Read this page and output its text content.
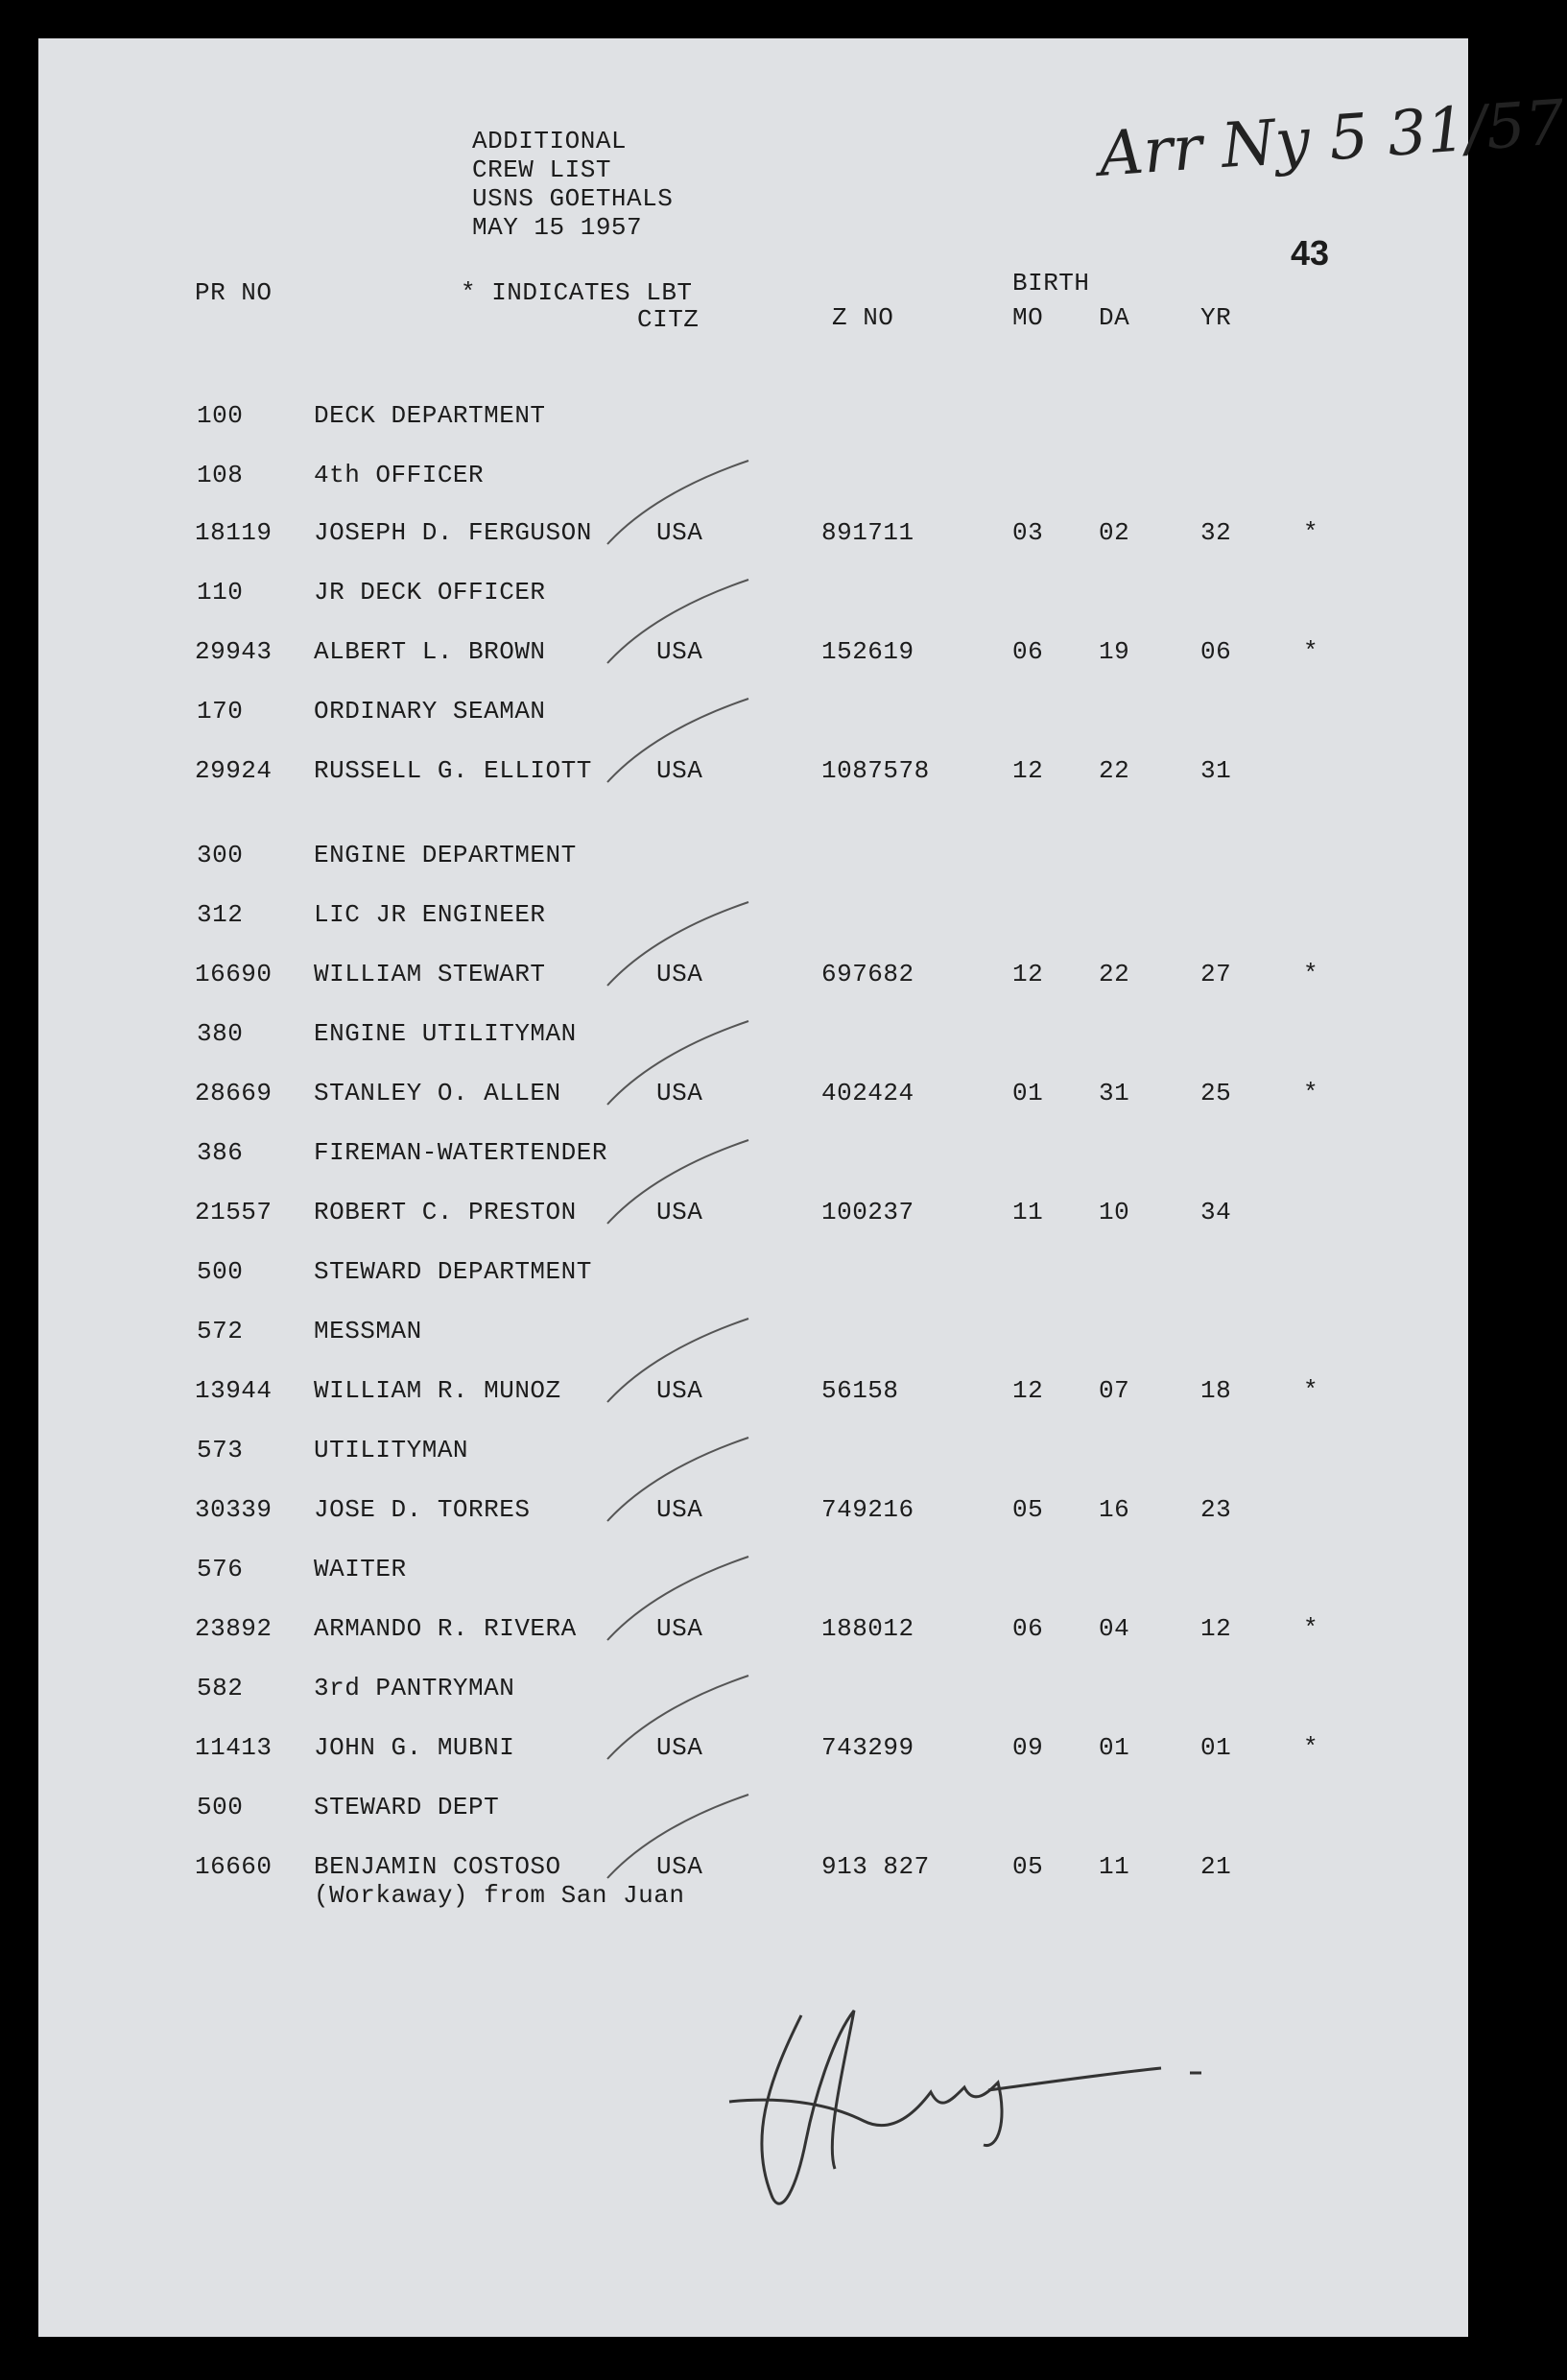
ADDITIONAL
CREW LIST
USNS GOETHALS
MAY 15 1957
Arr Ny 5 31/57
43
PR NO	* INDICATES LBT
CITZ	Z NO
BIRTH
MO DA	YR
100	DECK DEPARTMENT
108	4th OFFICER
18119 JOSEPH D. FERGUSON	USA	891711	03 02	32	*
110	JR DECK OFFICER
29943 ALBERT L. BROWN	USA	152619	06 19	06	*
170	ORDINARY SEAMAN
29924 RUSSELL G. ELLIOTT	USA	1087578	12 22	31
300	ENGINE DEPARTMENT
312	LIC JR ENGINEER
16690 WILLIAM STEWART	USA	697682	12 22	27	*
380	ENGINE UTILITYMAN
28669 STANLEY O. ALLEN	USA	402424	01 31	25	*
386	FIREMAN-WATERTENDER
21557 ROBERT C. PRESTON	USA	100237	11 10	34
500	STEWARD DEPARTMENT
572	MESSMAN
13944 WILLIAM R. MUNOZ	USA	56158	12 07	18	*
573	UTILITYMAN
30339 JOSE D. TORRES	USA	749216	05 16	23
576	WAITER
23892 ARMANDO R. RIVERA	USA	188012	06 04	12	*
582	3rd PANTRYMAN
11413 JOHN G. MUBNI	USA	743299	09 01	01	*
500	STEWARD DEPT
16660 BENJAMIN COSTOSO	USA	913 827	05 11	21
(Workaway) from San Juan
